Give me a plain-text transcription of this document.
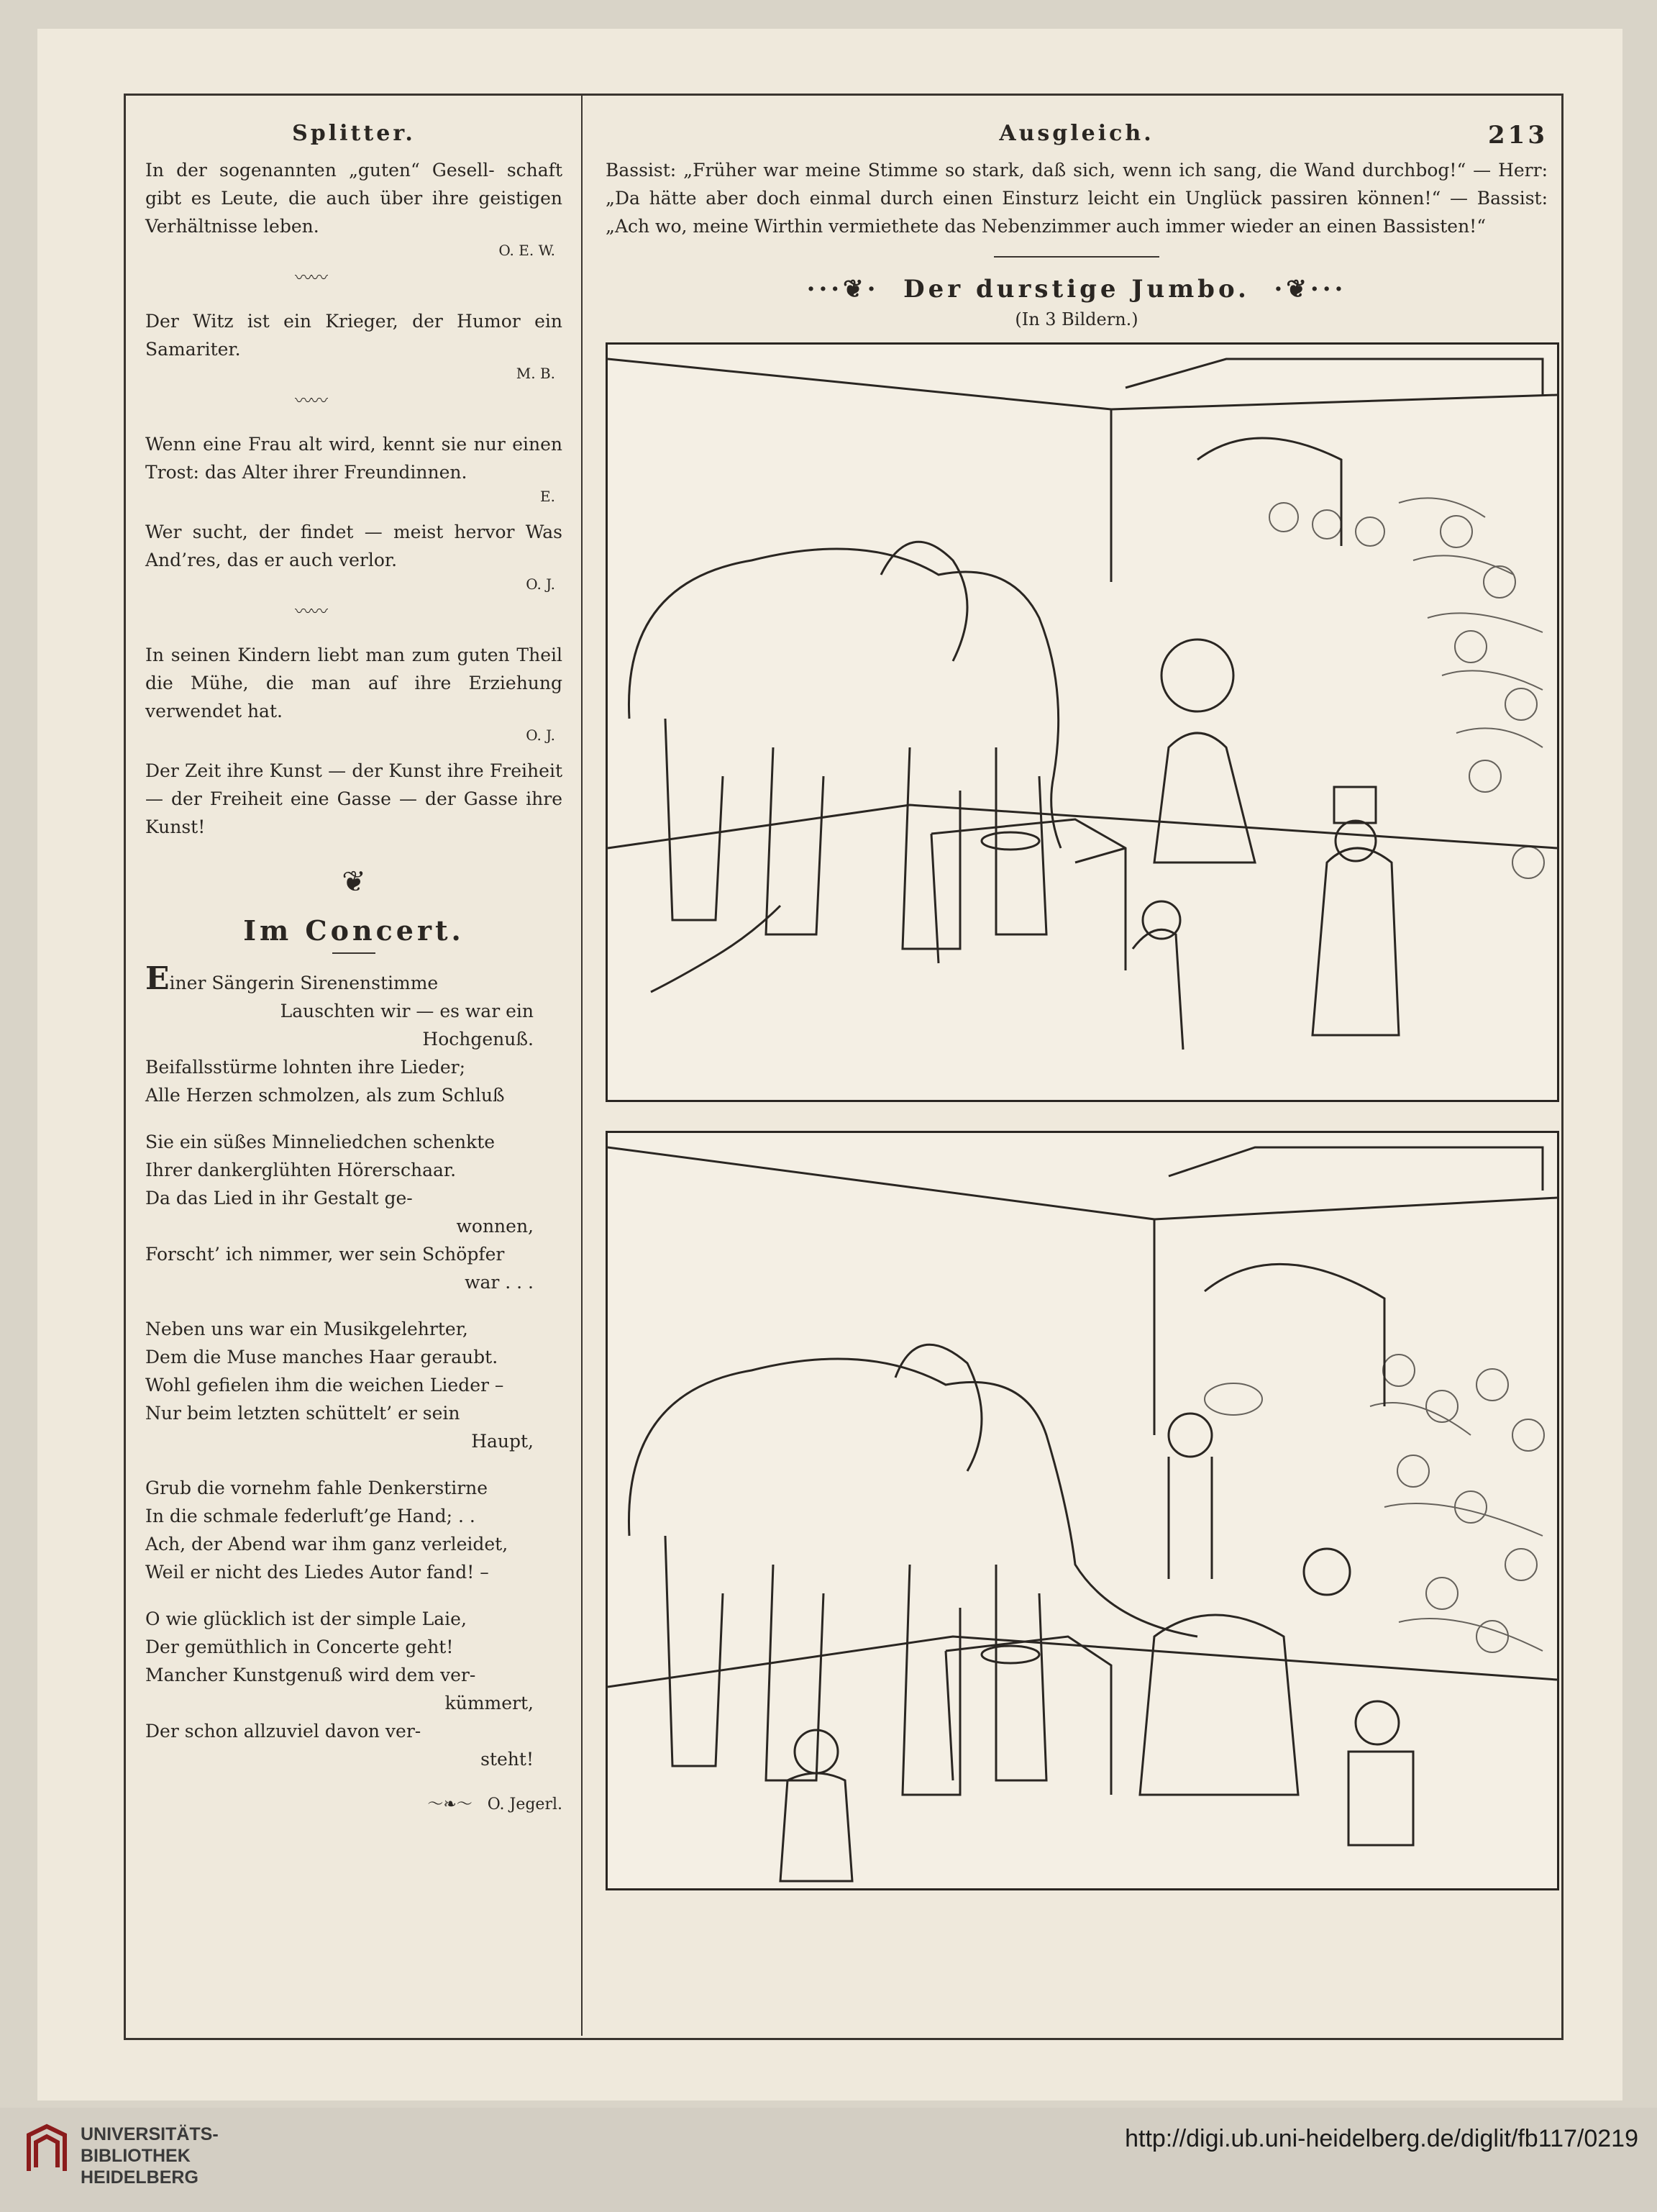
Splitter.

In der sogenannten „guten“ Gesell- schaft gibt es Leute, die auch über ihre geistigen Verhältnisse leben.

O. E. W.
〰〰

Der Witz ist ein Krieger, der Humor ein Samariter.

M. B.
〰〰

Wenn eine Frau alt wird, kennt sie nur einen Trost: das Alter ihrer Freundinnen.

E.

Wer sucht, der findet — meist hervor Was And’res, das er auch verlor.

O. J.
〰〰

In seinen Kindern liebt man zum guten Theil die Mühe, die man auf ihre Erziehung verwendet hat.

O. J.

Der Zeit ihre Kunst — der Kunst ihre Freiheit — der Freiheit eine Gasse — der Gasse ihre Kunst!

❦
Im Concert.

Einer Sängerin Sirenenstimme

Lauschten wir — es war ein

Hochgenuß.

Beifallsstürme lohnten ihre Lieder;

Alle Herzen schmolzen, als zum Schluß

Sie ein süßes Minneliedchen schenkte

Ihrer dankerglühten Hörerschaar.

Da das Lied in ihr Gestalt ge-

wonnen,

Forscht’ ich nimmer, wer sein Schöpfer

war . . .

Neben uns war ein Musikgelehrter,

Dem die Muse manches Haar geraubt.

Wohl gefielen ihm die weichen Lieder –

Nur beim letzten schüttelt’ er sein

Haupt,

Grub die vornehm fahle Denkerstirne

In die schmale federluft’ge Hand; . .

Ach, der Abend war ihm ganz verleidet,

Weil er nicht des Liedes Autor fand! –

O wie glücklich ist der simple Laie,

Der gemüthlich in Concerte geht!

Mancher Kunstgenuß wird dem ver-

kümmert,

Der schon allzuviel davon ver-

steht!

〜❧〜   O. Jegerl.
Ausgleich.	213

Bassist: „Früher war meine Stimme so stark, daß sich, wenn ich sang, die Wand durchbog!“ — Herr: „Da hätte aber doch einmal durch einen Einsturz leicht ein Unglück passiren können!“ — Bassist: „Ach wo, meine Wirthin vermiethete das Nebenzimmer auch immer wieder an einen Bassisten!“

···❦·  Der durstige Jumbo.  ·❦···
(In 3 Bildern.)
UNIVERSITÄTS-
BIBLIOTHEK
HEIDELBERG
http://digi.ub.uni-heidelberg.de/diglit/fb117/0219
